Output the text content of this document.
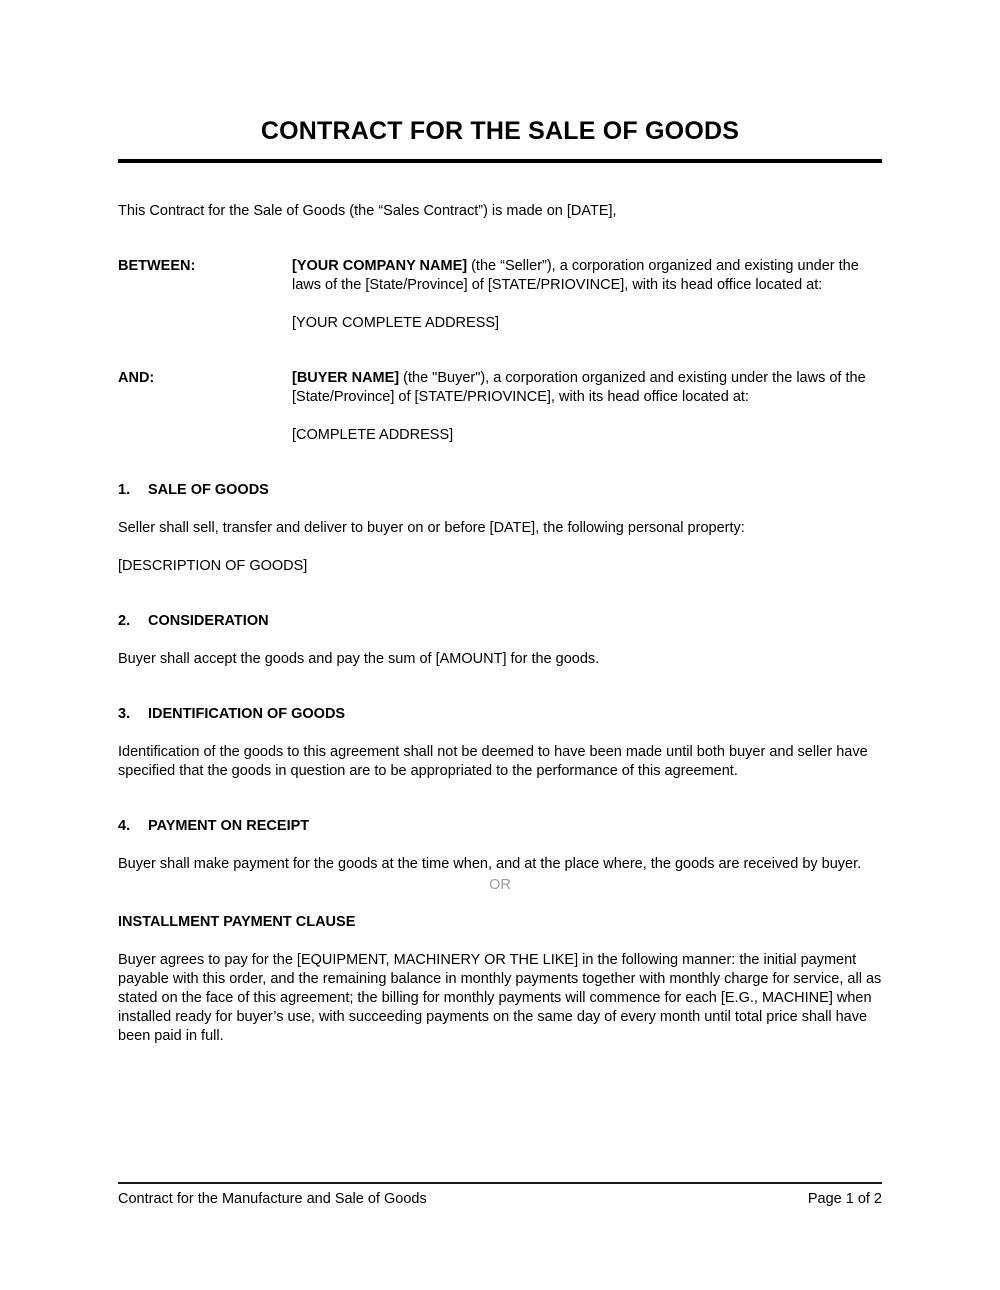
CONTRACT FOR THE SALE OF GOODS

This Contract for the Sale of Goods (the “Sales Contract”) is made on [DATE],

BETWEEN:	[YOUR COMPANY NAME] (the “Seller”), a corporation organized and existing under the laws of the [State/Province] of [STATE/PRIOVINCE], with its head office located at:

[YOUR COMPLETE ADDRESS]

AND:	[BUYER NAME] (the "Buyer"), a corporation organized and existing under the laws of the [State/Province] of [STATE/PRIOVINCE], with its head office located at:

[COMPLETE ADDRESS]

1. SALE OF GOODS

Seller shall sell, transfer and deliver to buyer on or before [DATE], the following personal property:

[DESCRIPTION OF GOODS]

2. CONSIDERATION

Buyer shall accept the goods and pay the sum of [AMOUNT] for the goods.

3. IDENTIFICATION OF GOODS

Identification of the goods to this agreement shall not be deemed to have been made until both buyer and seller have specified that the goods in question are to be appropriated to the performance of this agreement.

4. PAYMENT ON RECEIPT

Buyer shall make payment for the goods at the time when, and at the place where, the goods are received by buyer.

OR

INSTALLMENT PAYMENT CLAUSE

Buyer agrees to pay for the [EQUIPMENT, MACHINERY OR THE LIKE] in the following manner: the initial payment payable with this order, and the remaining balance in monthly payments together with monthly charge for service, all as stated on the face of this agreement; the billing for monthly payments will commence for each [E.G., MACHINE] when installed ready for buyer’s use, with succeeding payments on the same day of every month until total price shall have been paid in full.

Contract for the Manufacture and Sale of Goods	Page 1 of 2
